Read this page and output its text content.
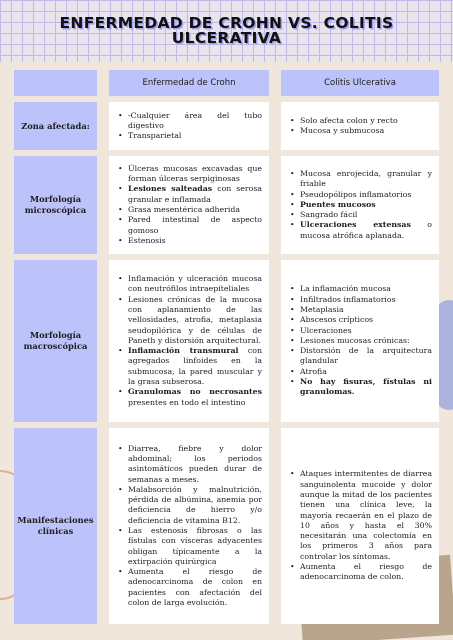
ENFERMEDAD DE CROHN VS. COLITIS ULCERATIVA
Enfermedad de Crohn	Colitis Ulcerativa
Zona afectada:
• -Cualquier área del tubo digestivo
• Transparietal
• Solo afecta colon y recto
• Mucosa y submucosa
Morfología microscópica
• Úlceras mucosas excavadas que forman úlceras serpiginosas
• Lesiones salteadas con serosa granular e inflamada
• Grasa mesentérica adherida
• Pared intestinal de aspecto gomoso
• Estenosis
• Mucosa enrojecida, granular y friable
• Pseudopólipos inflamatorios
• Puentes mucosos
• Sangrado fácil
• Ulceraciones extensas o mucosa atrófica aplanada.
Morfología macroscópica
• Inflamación y ulceración mucosa con neutrófilos intraepiteliales
• Lesiones crónicas de la mucosa con aplanamiento de las vellosidades, atrofia, metaplasia seudopilórica y de células de Paneth y distorsión arquitectural.
• Inflamación transmural con agregados linfoides en la submucosa, la pared muscular y la grasa subserosa.
• Granulomas no necrosantes presentes en todo el intestino
• La inflamación mucosa
• Infiltrados inflamatorios
• Metaplasia
• Abscesos crípticos
• Ulceraciones
• Lesiones mucosas crónicas:
• Distorsión de la arquitectura glandular
• Atrofia
• No hay fisuras, fístulas ni granulomas.
Manifestaciones clínicas
• Diarrea, fiebre y dolor abdominal; los periodos asintomáticos pueden durar de semanas a meses.
• Malabsorción y malnutrición, pérdida de albúmina, anemia por deficiencia de hierro y/o deficiencia de vitamina B12.
• Las estenosis fibrosas o las fístulas con vísceras adyacentes obligan típicamente a la extirpación quirúrgica
• Aumenta el riesgo de adenocarcinoma de colon en pacientes con afectación del colon de larga evolución.
• Ataques intermitentes de diarrea sanguinolenta mucoide y dolor aunque la mitad de los pacientes tienen una clínica leve, la mayoría recaerán en el plazo de 10 años y hasta el 30% necesitarán una colectomía en los primeros 3 años para controlar los síntomas.
• Aumenta el riesgo de adenocarcinoma de colon.
